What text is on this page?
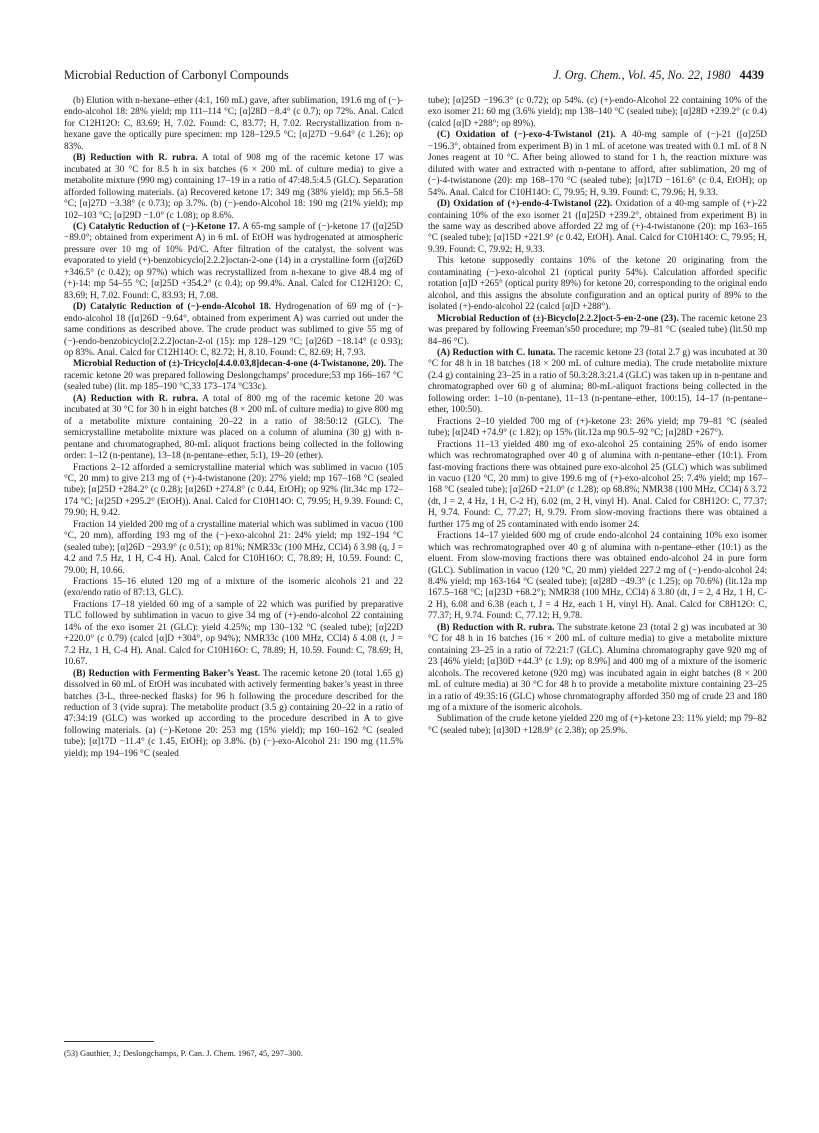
Microbial Reduction of Carbonyl Compounds	J. Org. Chem., Vol. 45, No. 22, 1980 4439

(b) Elution with n-hexane–ether (4:1, 160 mL) gave, after sublimation, 191.6 mg of (−)-endo-alcohol 18: 28% yield; mp 111–114 °C; [α]28D −8.4° (c 0.7); op 72%. Anal. Calcd for C12H12O: C, 83.69; H, 7.02. Found: C, 83.77; H, 7.02. Recrystallization from n-hexane gave the optically pure specimen: mp 128–129.5 °C; [α]27D −9.64° (c 1.26); op 83%.

(B) Reduction with R. rubra. A total of 908 mg of the racemic ketone 17 was incubated at 30 °C for 8.5 h in six batches (6 × 200 mL of culture media) to give a metabolite mixture (990 mg) containing 17–19 in a ratio of 47:48.5:4.5 (GLC). Separation afforded following materials. (a) Recovered ketone 17: 349 mg (38% yield); mp 56.5–58 °C; [α]27D −3.38° (c 0.73); op 3.7%. (b) (−)-endo-Alcohol 18: 190 mg (21% yield); mp 102–103 °C; [α]29D −1.0° (c 1.08); op 8.6%.

(C) Catalytic Reduction of (−)-Ketone 17. A 65-mg sample of (−)-ketone 17 ([α]25D −89.0°; obtained from experiment A) in 6 mL of EtOH was hydrogenated at atmospheric pressure over 10 mg of 10% Pd/C. After filtration of the catalyst, the solvent was evaporated to yield (+)-benzobicyclo[2.2.2]octan-2-one (14) in a crystalline form ([α]26D +346.5° (c 0.42); op 97%) which was recrystallized from n-hexane to give 48.4 mg of (+)-14: mp 54–55 °C; [α]25D +354.2° (c 0.4); op 99.4%. Anal. Calcd for C12H12O: C, 83.69; H, 7.02. Found: C, 83.93; H, 7.08.

(D) Catalytic Reduction of (−)-endo-Alcohol 18. Hydrogenation of 69 mg of (−)-endo-alcohol 18 ([α]26D −9.64°, obtained from experiment A) was carried out under the same conditions as described above. The crude product was sublimed to give 55 mg of (−)-endo-benzobicyclo[2.2.2]octan-2-ol (15): mp 128–129 °C; [α]26D −18.14° (c 0.93); op 83%. Anal. Calcd for C12H14O: C, 82.72; H, 8.10. Found: C, 82.69; H, 7.93.

Microbial Reduction of (±)-Tricyclo[4.4.0.03,8]decan-4-one (4-Twistanone, 20). The racemic ketone 20 was prepared following Deslongchamps’ procedure;53 mp 166–167 °C (sealed tube) (lit. mp 185–190 °C,33 173–174 °C33c).

(A) Reduction with R. rubra. A total of 800 mg of the racemic ketone 20 was incubated at 30 °C for 30 h in eight batches (8 × 200 mL of culture media) to give 800 mg of a metabolite mixture containing 20–22 in a ratio of 38:50:12 (GLC). The semicrystalline metabolite mixture was placed on a column of alumina (30 g) with n-pentane and chromatographed, 80-mL aliquot fractions being collected in the following order: 1–12 (n-pentane), 13–18 (n-pentane–ether, 5:1), 19–20 (ether).

Fractions 2–12 afforded a semicrystalline material which was sublimed in vacuo (105 °C, 20 mm) to give 213 mg of (+)-4-twistanone (20): 27% yield; mp 167–168 °C (sealed tube); [α]25D +284.2° (c 0.28); [α]26D +274.8° (c 0.44, EtOH); op 92% (lit.34c mp 172–174 °C; [α]25D +295.2° (EtOH)). Anal. Calcd for C10H14O: C, 79.95; H, 9.39. Found: C, 79.90; H, 9.42.

Fraction 14 yielded 200 mg of a crystalline material which was sublimed in vacuo (100 °C, 20 mm), affording 193 mg of the (−)-exo-alcohol 21: 24% yield; mp 192–194 °C (sealed tube); [α]26D −293.9° (c 0.51); op 81%; NMR33c (100 MHz, CCl4) δ 3.98 (q, J = 4.2 and 7.5 Hz, 1 H, C-4 H). Anal. Calcd for C10H16O: C, 78.89; H, 10.59. Found: C, 79.00; H, 10.66.

Fractions 15–16 eluted 120 mg of a mixture of the isomeric alcohols 21 and 22 (exo/endo ratio of 87:13, GLC).

Fractions 17–18 yielded 60 mg of a sample of 22 which was purified by preparative TLC followed by sublimation in vacuo to give 34 mg of (+)-endo-alcohol 22 containing 14% of the exo isomer 21 (GLC): yield 4.25%; mp 130–132 °C (sealed tube); [α]22D +220.0° (c 0.79) (calcd [α]D +304°, op 94%); NMR33c (100 MHz, CCl4) δ 4.08 (t, J = 7.2 Hz, 1 H, C-4 H). Anal. Calcd for C10H16O: C, 78.89; H, 10.59. Found: C, 78.69; H, 10.67.

(B) Reduction with Fermenting Baker’s Yeast. The racemic ketone 20 (total 1.65 g) dissolved in 60 mL of EtOH was incubated with actively fermenting baker’s yeast in three batches (3-L, three-necked flasks) for 96 h following the procedure described for the reduction of 3 (vide supra). The metabolite product (3.5 g) containing 20–22 in a ratio of 47:34:19 (GLC) was worked up according to the procedure described in A to give following materials. (a) (−)-Ketone 20: 253 mg (15% yield); mp 160–162 °C (sealed tube); [α]17D −11.4° (c 1.45, EtOH); op 3.8%. (b) (−)-exo-Alcohol 21: 190 mg (11.5% yield); mp 194–196 °C (sealed

tube); [α]25D −196.3° (c 0.72); op 54%. (c) (+)-endo-Alcohol 22 containing 10% of the exo isomer 21: 60 mg (3.6% yield); mp 138–140 °C (sealed tube); [α]28D +239.2° (c 0.4) (calcd [α]D +288°; op 89%).

(C) Oxidation of (−)-exo-4-Twistanol (21). A 40-mg sample of (−)-21 ([α]25D −196.3°, obtained from experiment B) in 1 mL of acetone was treated with 0.1 mL of 8 N Jones reagent at 10 °C. After being allowed to stand for 1 h, the reaction mixture was diluted with water and extracted with n-pentane to afford, after sublimation, 20 mg of (−)-4-twistanone (20): mp 168–170 °C (sealed tube); [α]17D −161.6° (c 0.4, EtOH); op 54%. Anal. Calcd for C10H14O: C, 79.95; H, 9.39. Found: C, 79.96; H, 9.33.

(D) Oxidation of (+)-endo-4-Twistanol (22). Oxidation of a 40-mg sample of (+)-22 containing 10% of the exo isomer 21 ([α]25D +239.2°, obtained from experiment B) in the same way as described above afforded 22 mg of (+)-4-twistanone (20): mp 163–165 °C (sealed tube); [α]15D +221.9° (c 0.42, EtOH). Anal. Calcd for C10H14O: C, 79.95; H, 9.39. Found: C, 79.92; H, 9.33.

This ketone supposedly contains 10% of the ketone 20 originating from the contaminating (−)-exo-alcohol 21 (optical purity 54%). Calculation afforded specific rotation [α]D +265° (optical purity 89%) for ketone 20, corresponding to the original endo alcohol, and this assigns the absolute configuration and an optical purity of 89% to the isolated (+)-endo-alcohol 22 (calcd [α]D +288°).

Microbial Reduction of (±)-Bicyclo[2.2.2]oct-5-en-2-one (23). The racemic ketone 23 was prepared by following Freeman’s50 procedure; mp 79–81 °C (sealed tube) (lit.50 mp 84–86 °C).

(A) Reduction with C. lunata. The racemic ketone 23 (total 2.7 g) was incubated at 30 °C for 48 h in 18 batches (18 × 200 mL of culture media). The crude metabolite mixture (2.4 g) containing 23–25 in a ratio of 50.3:28.3:21.4 (GLC) was taken up in n-pentane and chromatographed over 60 g of alumina; 80-mL-aliquot fractions being collected in the following order: 1–10 (n-pentane), 11–13 (n-pentane–ether, 100:15), 14–17 (n-pentane–ether, 100:50).

Fractions 2–10 yielded 700 mg of (+)-ketone 23: 26% yield; mp 79–81 °C (sealed tube); [α]24D +74.9° (c 1.82); op 15% (lit.12a mp 90.5–92 °C; [α]28D +267°).

Fractions 11–13 yielded 480 mg of exo-alcohol 25 containing 25% of endo isomer which was rechromatographed over 40 g of alumina with n-pentane–ether (10:1). From fast-moving fractions there was obtained pure exo-alcohol 25 (GLC) which was sublimed in vacuo (120 °C, 20 mm) to give 199.6 mg of (+)-exo-alcohol 25: 7.4% yield; mp 167–168 °C (sealed tube); [α]26D +21.0° (c 1.28); op 68.8%; NMR38 (100 MHz, CCl4) δ 3.72 (dt, J = 2, 4 Hz, 1 H, C-2 H), 6.02 (m, 2 H, vinyl H). Anal. Calcd for C8H12O: C, 77.37; H, 9.74. Found: C, 77.27; H, 9.79. From slow-moving fractions there was obtained a further 175 mg of 25 contaminated with endo isomer 24.

Fractions 14–17 yielded 600 mg of crude endo-alcohol 24 containing 10% exo isomer which was rechromatographed over 40 g of alumina with n-pentane–ether (10:1) as the eluent. From slow-moving fractions there was obtained endo-alcohol 24 in pure form (GLC). Sublimation in vacuo (120 °C, 20 mm) yielded 227.2 mg of (−)-endo-alcohol 24: 8.4% yield; mp 163-164 °C (sealed tube); [α]28D −49.3° (c 1.25); op 70.6%) (lit.12a mp 167.5–168 °C; [α]23D +68.2°); NMR38 (100 MHz, CCl4) δ 3.80 (dt, J = 2, 4 Hz, 1 H, C-2 H), 6.08 and 6.38 (each t, J = 4 Hz, each 1 H, vinyl H). Anal. Calcd for C8H12O: C, 77.37; H, 9.74. Found: C, 77.12; H, 9.78.

(B) Reduction with R. rubra. The substrate ketone 23 (total 2 g) was incubated at 30 °C for 48 h in 16 batches (16 × 200 mL of culture media) to give a metabolite mixture containing 23–25 in a ratio of 72:21:7 (GLC). Alumina chromatography gave 920 mg of 23 [46% yield; [α]30D +44.3° (c 1.9); op 8.9%] and 400 mg of a mixture of the isomeric alcohols. The recovered ketone (920 mg) was incubated again in eight batches (8 × 200 mL of culture media) at 30 °C for 48 h to provide a metabolite mixture containing 23–25 in a ratio of 49:35:16 (GLC) whose chromatography afforded 350 mg of crude 23 and 180 mg of a mixture of the isomeric alcohols.

Sublimation of the crude ketone yielded 220 mg of (+)-ketone 23: 11% yield; mp 79–82 °C (sealed tube); [α]30D +128.9° (c 2.38); op 25.9%.

(53) Gauthier, J.; Deslongchamps, P. Can. J. Chem. 1967, 45, 297–300.
